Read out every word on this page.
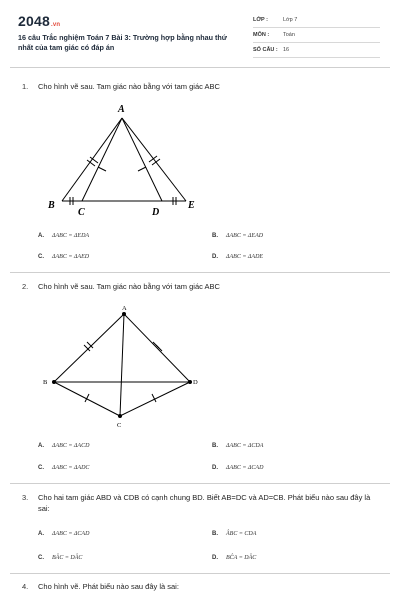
2048.vn
16 câu Trắc nghiệm Toán 7 Bài 3: Trường hợp bằng nhau thứ nhất của tam giác có đáp án
LỚP :	Lớp 7
MÔN :	Toán
SỐ CÂU : 16
1. Cho hình vẽ sau. Tam giác nào bằng với tam giác ABC
A
B
C	D
E
A. ΔABC = ΔEDA	B. ΔABC = ΔEAD
C. ΔABC = ΔAED	D. ΔABC = ΔADE
2. Cho hình vẽ sau. Tam giác nào bằng với tam giác ABC
A
B
C
D
A. ΔABC = ΔACD	B. ΔABC = ΔCDA
C. ΔABC = ΔADC	D. ΔABC = ΔCAD
3. Cho hai tam giác ABD và CDB có cạnh chung BD. Biết AB=DC và AD=CB. Phát biểu nào sau đây là sai:
A. ΔABC = ΔCAD	B. ÂBC = CDA
C. BÂC = DÂC	D. BĈA = DÂC
4. Cho hình vẽ. Phát biểu nào sau đây là sai:
